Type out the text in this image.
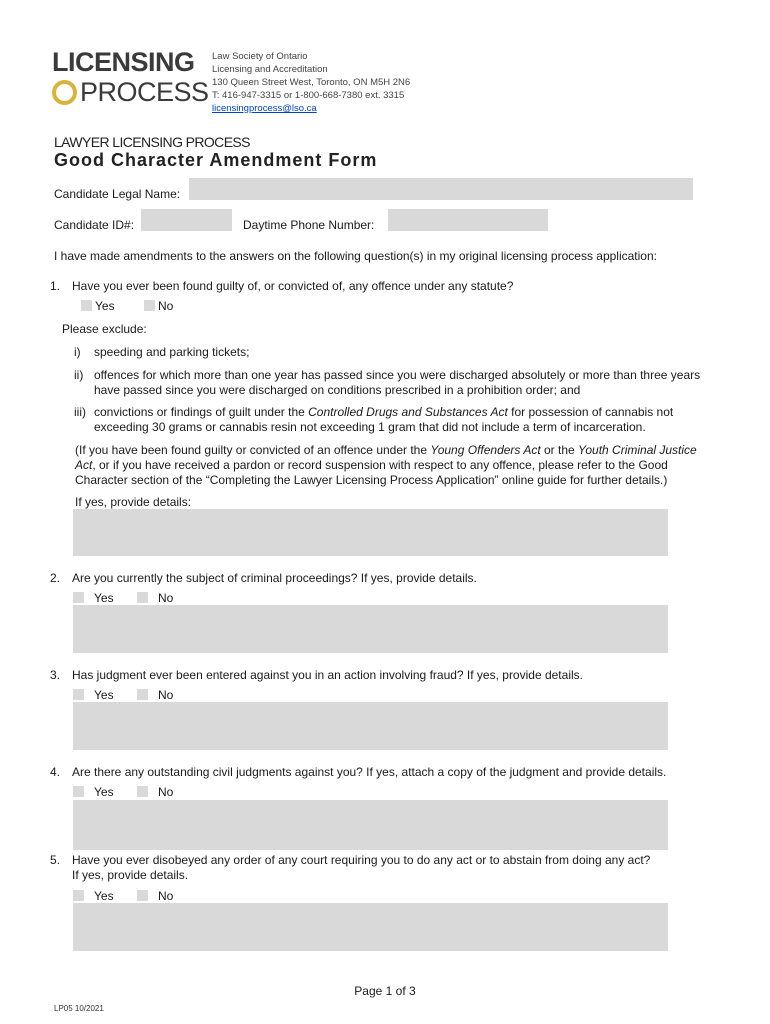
LICENSING
PROCESS
Law Society of Ontario
Licensing and Accreditation
130 Queen Street West, Toronto, ON M5H 2N6
T: 416-947-3315 or 1-800-668-7380 ext. 3315
licensingprocess@lso.ca
LAWYER LICENSING PROCESS
Good Character Amendment Form
Candidate Legal Name:
Candidate ID#:	Daytime Phone Number:
I have made amendments to the answers on the following question(s) in my original licensing process application:
1. Have you ever been found guilty of, or convicted of, any offence under any statute?
Yes	No
Please exclude:
i) speeding and parking tickets;
ii) offences for which more than one year has passed since you were discharged absolutely or more than three years
have passed since you were discharged on conditions prescribed in a prohibition order; and
iii) convictions or findings of guilt under the Controlled Drugs and Substances Act for possession of cannabis not
exceeding 30 grams or cannabis resin not exceeding 1 gram that did not include a term of incarceration.
(If you have been found guilty or convicted of an offence under the Young Offenders Act or the Youth Criminal Justice
Act, or if you have received a pardon or record suspension with respect to any offence, please refer to the Good
Character section of the “Completing the Lawyer Licensing Process Application” online guide for further details.)
If yes, provide details:
2. Are you currently the subject of criminal proceedings? If yes, provide details.
Yes	No
3. Has judgment ever been entered against you in an action involving fraud? If yes, provide details.
Yes	No
4. Are there any outstanding civil judgments against you? If yes, attach a copy of the judgment and provide details.
Yes	No
5. Have you ever disobeyed any order of any court requiring you to do any act or to abstain from doing any act?
If yes, provide details.
Yes	No
Page 1 of 3
LP05 10/2021
